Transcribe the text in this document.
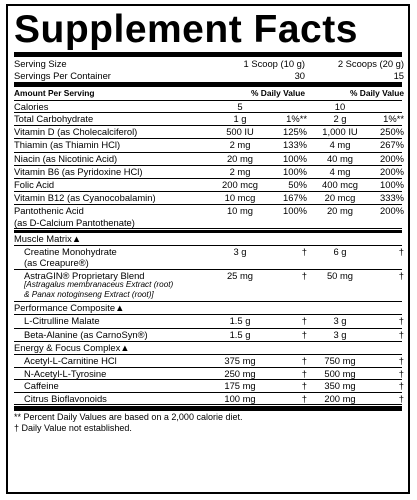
Supplement Facts
Serving Size	1 Scoop (10 g)	2 Scoops (20 g)
Servings Per Container	30	15
Amount Per Serving	% Daily Value	% Daily Value
Calories	5	10
Total Carbohydrate	1 g	1%**	2 g	1%**
Vitamin D (as Cholecalciferol)	500 IU	125%	1,000 IU	250%
Thiamin (as Thiamin HCl)	2 mg	133%	4 mg	267%
Niacin (as Nicotinic Acid)	20 mg	100%	40 mg	200%
Vitamin B6 (as Pyridoxine HCl)	2 mg	100%	4 mg	200%
Folic Acid	200 mcg	50%	400 mcg	100%
Vitamin B12 (as Cyanocobalamin)	10 mcg	167%	20 mcg	333%
Pantothenic Acid
(as D-Calcium Pantothenate)
10 mg	100%	20 mg	200%
Muscle Matrix▲
Creatine Monohydrate
(as Creapure®)
3 g	†	6 g	†
AstraGIN® Proprietary Blend
[Astragalus membranaceus Extract (root)
& Panax notoginseng Extract (root)]
25 mg	†	50 mg	†
Performance Composite▲
L-Citrulline Malate	1.5 g	†	3 g	†
Beta-Alanine (as CarnoSyn®)	1.5 g	†	3 g	†
Energy & Focus Complex▲
Acetyl-L-Carnitine HCl	375 mg	†	750 mg	†
N-Acetyl-L-Tyrosine	250 mg	†	500 mg	†
Caffeine	175 mg	†	350 mg	†
Citrus Bioflavonoids	100 mg	†	200 mg	†
** Percent Daily Values are based on a 2,000 calorie diet.
† Daily Value not established.
